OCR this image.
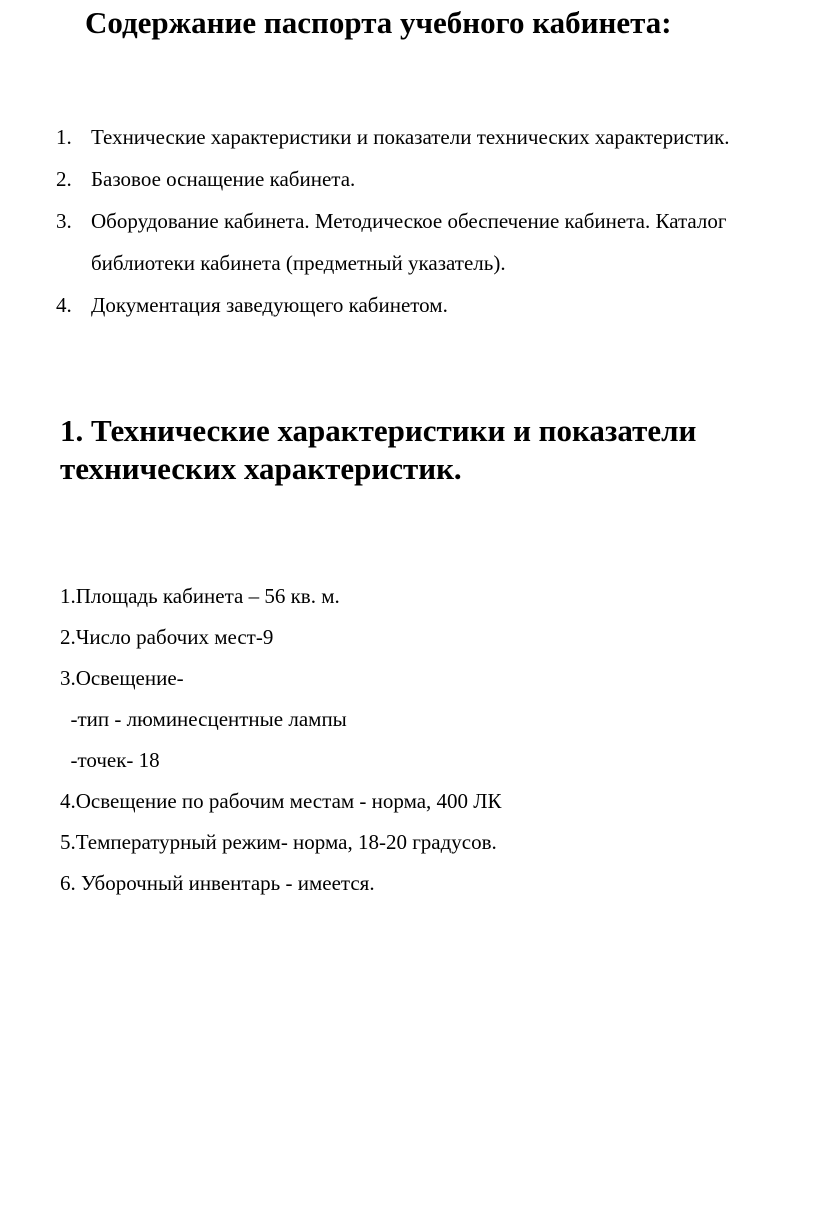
Содержание паспорта учебного кабинета:
1. Технические характеристики и показатели технических характеристик.
2. Базовое оснащение кабинета.
3. Оборудование кабинета. Методическое обеспечение кабинета. Каталог
библиотеки кабинета (предметный указатель).
4. Документация заведующего кабинетом.
1. Технические характеристики и показатели
технических характеристик.
1.Площадь кабинета – 56 кв. м.
2.Число рабочих мест-9
3.Освещение-
-тип - люминесцентные лампы
-точек- 18
4.Освещение по рабочим местам - норма, 400 ЛК
5.Температурный режим- норма, 18-20 градусов.
6. Уборочный инвентарь - имеется.
